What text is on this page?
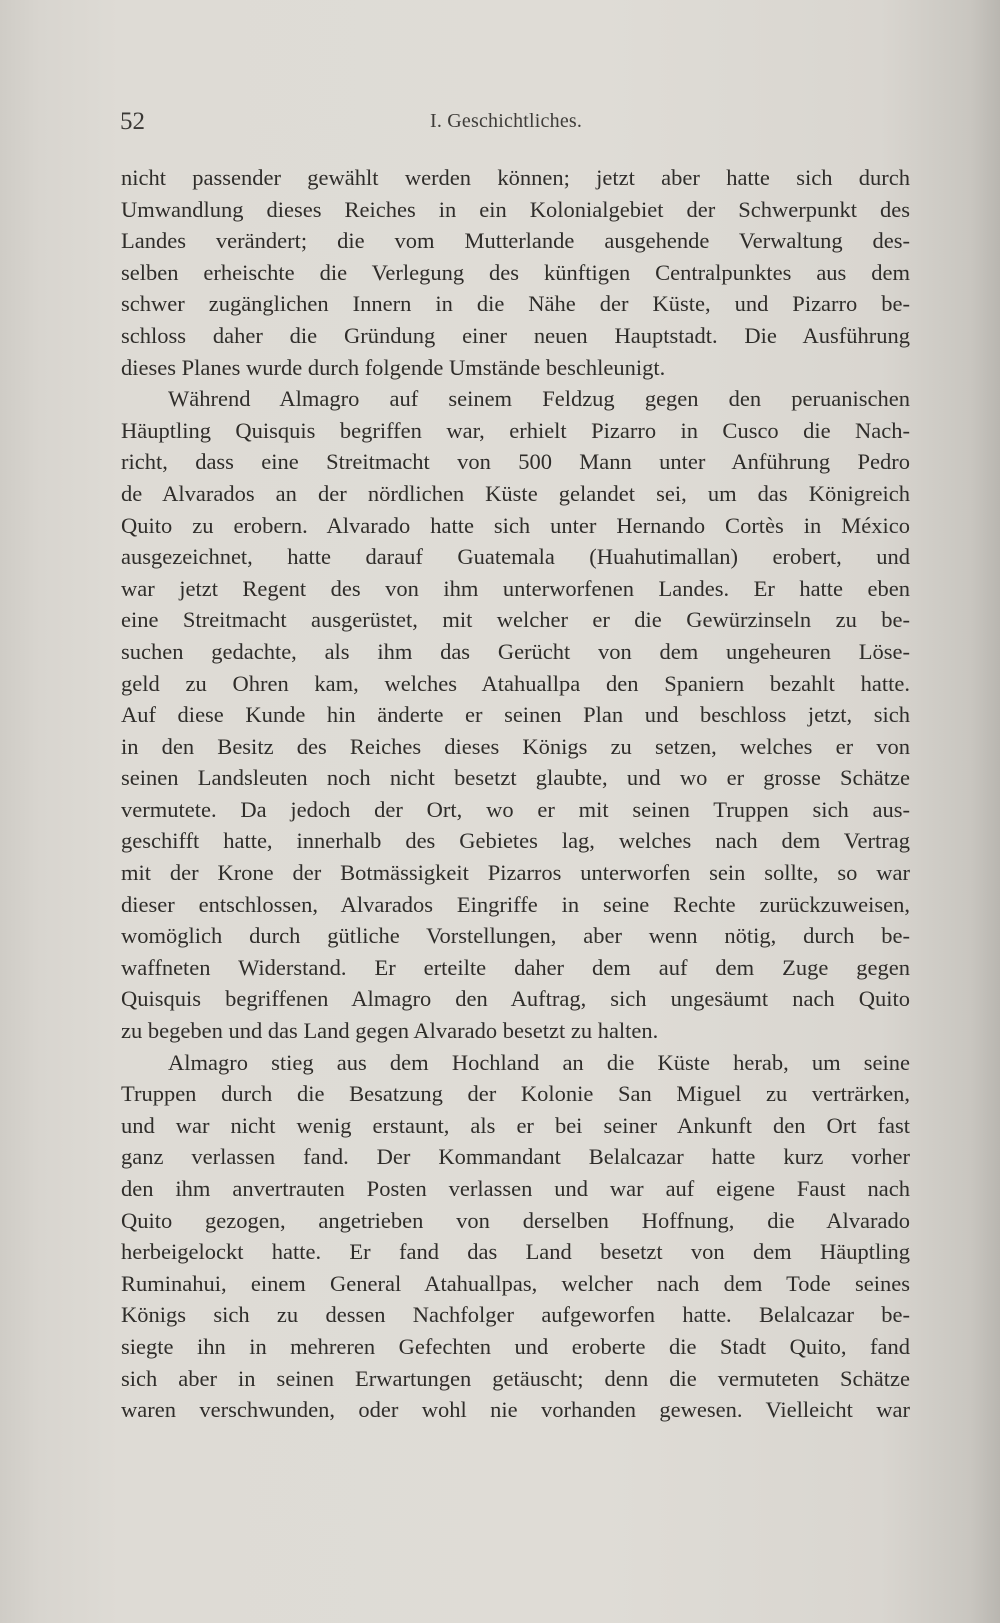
52	I. Geschichtliches.
nicht passender gewählt werden können; jetzt aber hatte sich durch
Umwandlung dieses Reiches in ein Kolonialgebiet der Schwerpunkt des
Landes verändert; die vom Mutterlande ausgehende Verwaltung des-
selben erheischte die Verlegung des künftigen Centralpunktes aus dem
schwer zugänglichen Innern in die Nähe der Küste, und Pizarro be-
schloss daher die Gründung einer neuen Hauptstadt. Die Ausführung
dieses Planes wurde durch folgende Umstände beschleunigt.
Während Almagro auf seinem Feldzug gegen den peruanischen
Häuptling Quisquis begriffen war, erhielt Pizarro in Cusco die Nach-
richt, dass eine Streitmacht von 500 Mann unter Anführung Pedro
de Alvarados an der nördlichen Küste gelandet sei, um das Königreich
Quito zu erobern. Alvarado hatte sich unter Hernando Cortès in México
ausgezeichnet, hatte darauf Guatemala (Huahutimallan) erobert, und
war jetzt Regent des von ihm unterworfenen Landes. Er hatte eben
eine Streitmacht ausgerüstet, mit welcher er die Gewürzinseln zu be-
suchen gedachte, als ihm das Gerücht von dem ungeheuren Löse-
geld zu Ohren kam, welches Atahuallpa den Spaniern bezahlt hatte.
Auf diese Kunde hin änderte er seinen Plan und beschloss jetzt, sich
in den Besitz des Reiches dieses Königs zu setzen, welches er von
seinen Landsleuten noch nicht besetzt glaubte, und wo er grosse Schätze
vermutete. Da jedoch der Ort, wo er mit seinen Truppen sich aus-
geschifft hatte, innerhalb des Gebietes lag, welches nach dem Vertrag
mit der Krone der Botmässigkeit Pizarros unterworfen sein sollte, so war
dieser entschlossen, Alvarados Eingriffe in seine Rechte zurückzuweisen,
womöglich durch gütliche Vorstellungen, aber wenn nötig, durch be-
waffneten Widerstand. Er erteilte daher dem auf dem Zuge gegen
Quisquis begriffenen Almagro den Auftrag, sich ungesäumt nach Quito
zu begeben und das Land gegen Alvarado besetzt zu halten.
Almagro stieg aus dem Hochland an die Küste herab, um seine
Truppen durch die Besatzung der Kolonie San Miguel zu verträrken,
und war nicht wenig erstaunt, als er bei seiner Ankunft den Ort fast
ganz verlassen fand. Der Kommandant Belalcazar hatte kurz vorher
den ihm anvertrauten Posten verlassen und war auf eigene Faust nach
Quito gezogen, angetrieben von derselben Hoffnung, die Alvarado
herbeigelockt hatte. Er fand das Land besetzt von dem Häuptling
Ruminahui, einem General Atahuallpas, welcher nach dem Tode seines
Königs sich zu dessen Nachfolger aufgeworfen hatte. Belalcazar be-
siegte ihn in mehreren Gefechten und eroberte die Stadt Quito, fand
sich aber in seinen Erwartungen getäuscht; denn die vermuteten Schätze
waren verschwunden, oder wohl nie vorhanden gewesen. Vielleicht war
